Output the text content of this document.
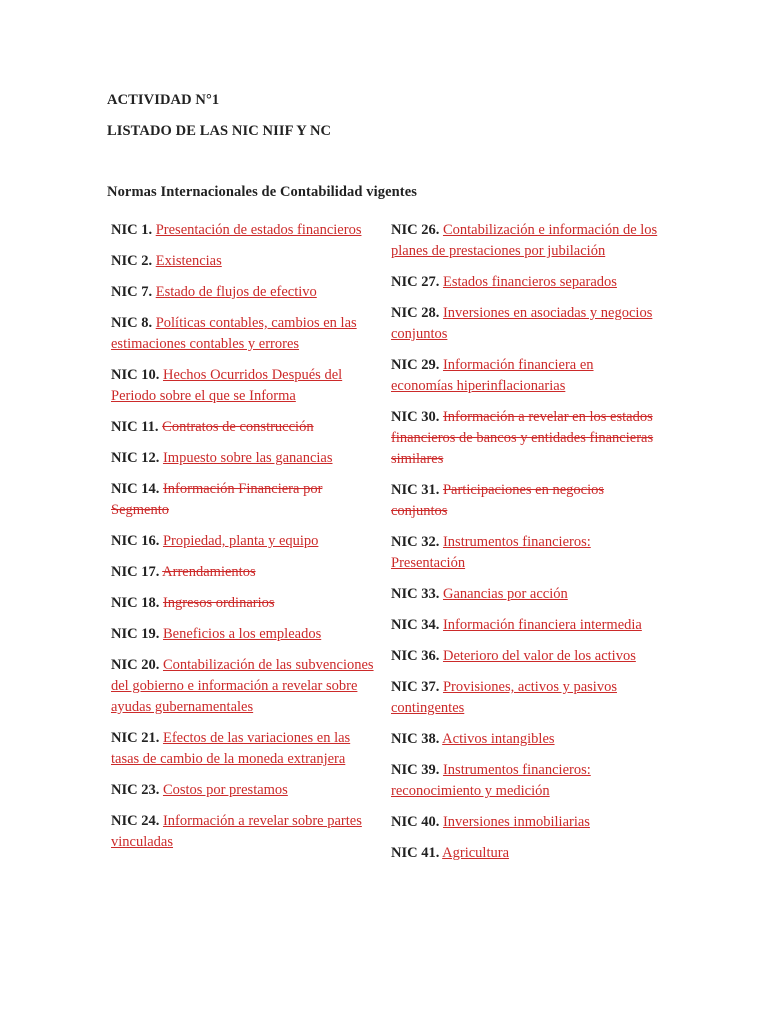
ACTIVIDAD N°1
LISTADO DE LAS NIC NIIF Y NC
Normas Internacionales de Contabilidad vigentes
NIC 1. Presentación de estados financieros
NIC 2. Existencias
NIC 7. Estado de flujos de efectivo
NIC 8. Políticas contables, cambios en las estimaciones contables y errores
NIC 10. Hechos Ocurridos Después del Periodo sobre el que se Informa
NIC 11. Contratos de construcción
NIC 12. Impuesto sobre las ganancias
NIC 14. Información Financiera por Segmento
NIC 16. Propiedad, planta y equipo
NIC 17. Arrendamientos
NIC 18. Ingresos ordinarios
NIC 19. Beneficios a los empleados
NIC 20. Contabilización de las subvenciones del gobierno e información a revelar sobre ayudas gubernamentales
NIC 21. Efectos de las variaciones en las tasas de cambio de la moneda extranjera
NIC 23. Costos por prestamos
NIC 24. Información a revelar sobre partes vinculadas
NIC 26. Contabilización e información de los planes de prestaciones por jubilación
NIC 27. Estados financieros separados
NIC 28. Inversiones en asociadas y negocios conjuntos
NIC 29. Información financiera en economías hiperinflacionarias
NIC 30. Información a revelar en los estados financieros de bancos y entidades financieras similares
NIC 31. Participaciones en negocios conjuntos
NIC 32. Instrumentos financieros: Presentación
NIC 33. Ganancias por acción
NIC 34. Información financiera intermedia
NIC 36. Deterioro del valor de los activos
NIC 37. Provisiones, activos y pasivos contingentes
NIC 38. Activos intangibles
NIC 39. Instrumentos financieros: reconocimiento y medición
NIC 40. Inversiones inmobiliarias
NIC 41. Agricultura
